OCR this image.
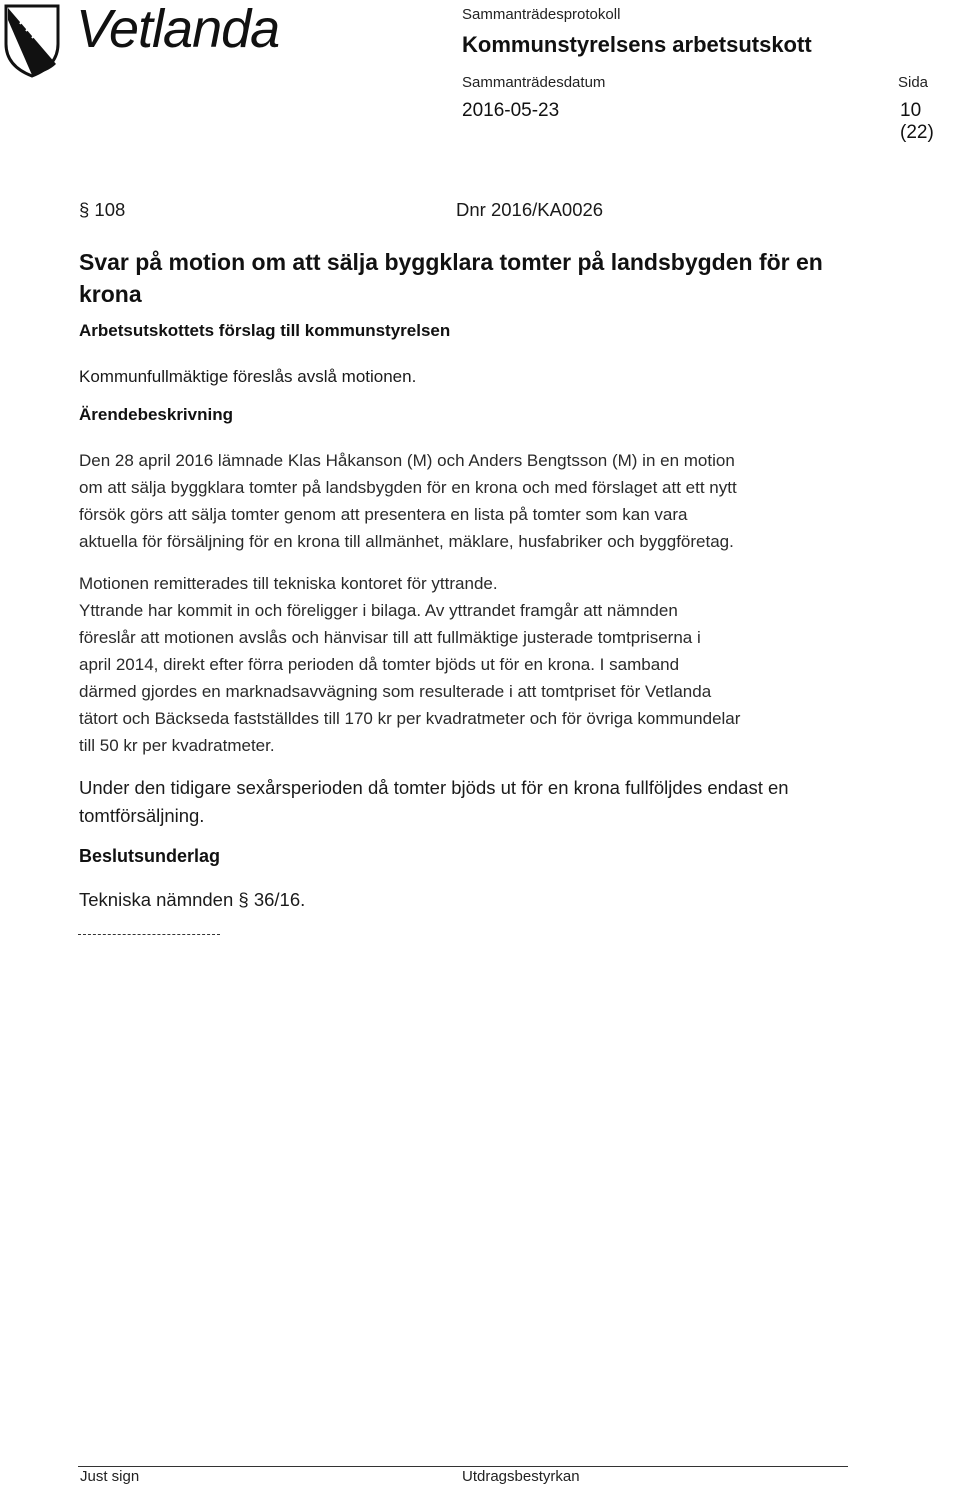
Vetlanda	Sammanträdesprotokoll
Kommunstyrelsens arbetsutskott
Sammanträdesdatum	Sida
2016-05-23	10 (22)
§ 108	Dnr 2016/KA0026
Svar på motion om att sälja byggklara tomter på landsbygden för en
krona
Arbetsutskottets förslag till kommunstyrelsen
Kommunfullmäktige föreslås avslå motionen.
Ärendebeskrivning
Den 28 april 2016 lämnade Klas Håkanson (M) och Anders Bengtsson (M) in en motion
om att sälja byggklara tomter på landsbygden för en krona och med förslaget att ett nytt
försök görs att sälja tomter genom att presentera en lista på tomter som kan vara
aktuella för försäljning för en krona till allmänhet, mäklare, husfabriker och byggföretag.
Motionen remitterades till tekniska kontoret för yttrande.
Yttrande har kommit in och föreligger i bilaga. Av yttrandet framgår att nämnden
föreslår att motionen avslås och hänvisar till att fullmäktige justerade tomtpriserna i
april 2014, direkt efter förra perioden då tomter bjöds ut för en krona. I samband
därmed gjordes en marknadsavvägning som resulterade i att tomtpriset för Vetlanda
tätort och Bäckseda fastställdes till 170 kr per kvadratmeter och för övriga kommundelar
till 50 kr per kvadratmeter.
Under den tidigare sexårsperioden då tomter bjöds ut för en krona fullföljdes endast en
tomtförsäljning.
Beslutsunderlag
Tekniska nämnden § 36/16.
Just sign	Utdragsbestyrkan
